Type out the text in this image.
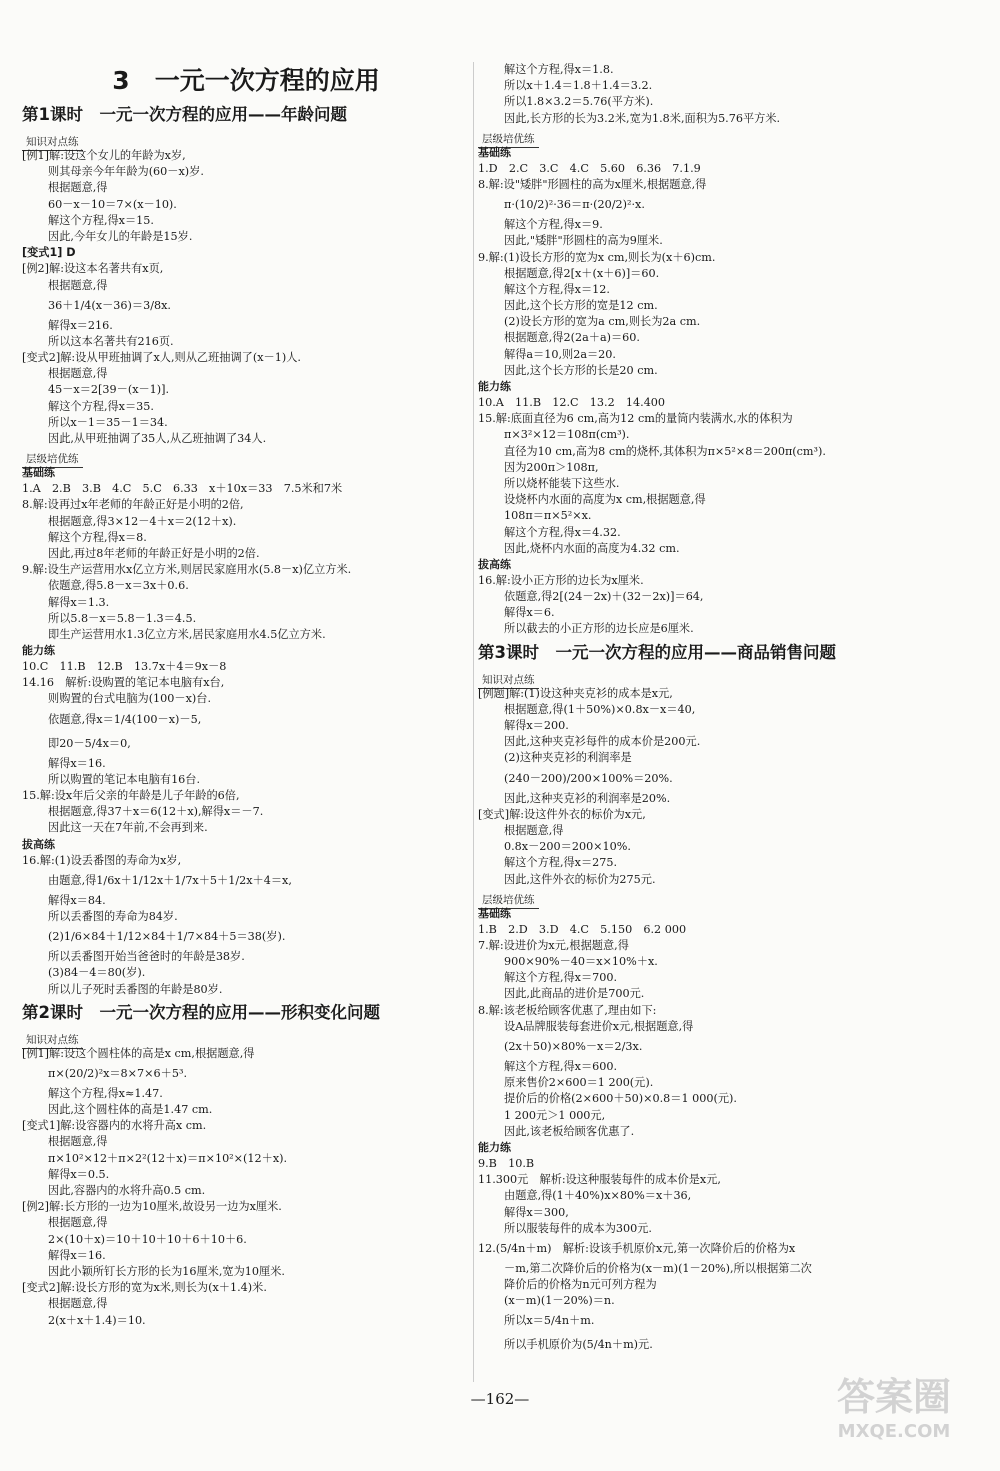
3　一元一次方程的应用
第1课时　一元一次方程的应用——年龄问题
知识对点练
[例1]解:设这个女儿的年龄为x岁,
则其母亲今年年龄为(60－x)岁.
根据题意,得
60－x－10＝7×(x－10).
解这个方程,得x＝15.
因此,今年女儿的年龄是15岁.
[变式1] D
[例2]解:设这本名著共有x页,
根据题意,得
36＋1/4(x－36)＝3/8x.
解得x＝216.
所以这本名著共有216页.
[变式2]解:设从甲班抽调了x人,则从乙班抽调了(x－1)人.
根据题意,得
45－x＝2[39－(x－1)].
解这个方程,得x＝35.
所以x－1＝35－1＝34.
因此,从甲班抽调了35人,从乙班抽调了34人.
层级培优练
基础练
1.A　2.B　3.B　4.C　5.C　6.33　x＋10x＝33　7.5米和7米
8.解:设再过x年老师的年龄正好是小明的2倍,
根据题意,得3×12－4＋x＝2(12＋x).
解这个方程,得x＝8.
因此,再过8年老师的年龄正好是小明的2倍.
9.解:设生产运营用水x亿立方米,则居民家庭用水(5.8－x)亿立方米.
依题意,得5.8－x＝3x＋0.6.
解得x＝1.3.
所以5.8－x＝5.8－1.3＝4.5.
即生产运营用水1.3亿立方米,居民家庭用水4.5亿立方米.
能力练
10.C　11.B　12.B　13.7x＋4＝9x－8
14.16　解析:设购置的笔记本电脑有x台,
则购置的台式电脑为(100－x)台.
依题意,得x＝1/4(100－x)－5,
即20－5/4x＝0,
解得x＝16.
所以购置的笔记本电脑有16台.
15.解:设x年后父亲的年龄是儿子年龄的6倍,
根据题意,得37＋x＝6(12＋x),解得x＝－7.
因此这一天在7年前,不会再到来.
拔高练
16.解:(1)设丢番图的寿命为x岁,
由题意,得1/6x＋1/12x＋1/7x＋5＋1/2x＋4＝x,
解得x＝84.
所以丢番图的寿命为84岁.
(2)1/6×84＋1/12×84＋1/7×84＋5＝38(岁).
所以丢番图开始当爸爸时的年龄是38岁.
(3)84－4＝80(岁).
所以儿子死时丢番图的年龄是80岁.
第2课时　一元一次方程的应用——形积变化问题
知识对点练
[例1]解:设这个圆柱体的高是x cm,根据题意,得
π×(20/2)²x＝8×7×6＋5³.
解这个方程,得x≈1.47.
因此,这个圆柱体的高是1.47 cm.
[变式1]解:设容器内的水将升高x cm.
根据题意,得
π×10²×12＋π×2²(12＋x)＝π×10²×(12＋x).
解得x＝0.5.
因此,容器内的水将升高0.5 cm.
[例2]解:长方形的一边为10厘米,故设另一边为x厘米.
根据题意,得
2×(10＋x)＝10＋10＋10＋6＋10＋6.
解得x＝16.
因此小颖所钉长方形的长为16厘米,宽为10厘米.
[变式2]解:设长方形的宽为x米,则长为(x＋1.4)米.
根据题意,得
2(x＋x＋1.4)＝10.
解这个方程,得x＝1.8.
所以x＋1.4＝1.8＋1.4＝3.2.
所以1.8×3.2＝5.76(平方米).
因此,长方形的长为3.2米,宽为1.8米,面积为5.76平方米.
层级培优练
基础练
1.D　2.C　3.C　4.C　5.60　6.36　7.1.9
8.解:设"矮胖"形圆柱的高为x厘米,根据题意,得
π·(10/2)²·36＝π·(20/2)²·x.
解这个方程,得x＝9.
因此,"矮胖"形圆柱的高为9厘米.
9.解:(1)设长方形的宽为x cm,则长为(x＋6)cm.
根据题意,得2[x＋(x＋6)]＝60.
解这个方程,得x＝12.
因此,这个长方形的宽是12 cm.
(2)设长方形的宽为a cm,则长为2a cm.
根据题意,得2(2a＋a)＝60.
解得a＝10,则2a＝20.
因此,这个长方形的长是20 cm.
能力练
10.A　11.B　12.C　13.2　14.400
15.解:底面直径为6 cm,高为12 cm的量筒内装满水,水的体积为
π×3²×12＝108π(cm³).
直径为10 cm,高为8 cm的烧杯,其体积为π×5²×8＝200π(cm³).
因为200π＞108π,
所以烧杯能装下这些水.
设烧杯内水面的高度为x cm,根据题意,得
108π＝π×5²×x.
解这个方程,得x＝4.32.
因此,烧杯内水面的高度为4.32 cm.
拔高练
16.解:设小正方形的边长为x厘米.
依题意,得2[(24－2x)＋(32－2x)]＝64,
解得x＝6.
所以截去的小正方形的边长应是6厘米.
第3课时　一元一次方程的应用——商品销售问题
知识对点练
[例题]解:(1)设这种夹克衫的成本是x元,
根据题意,得(1＋50%)×0.8x－x＝40,
解得x＝200.
因此,这种夹克衫每件的成本价是200元.
(2)这种夹克衫的利润率是
(240－200)/200×100%＝20%.
因此,这种夹克衫的利润率是20%.
[变式]解:设这件外衣的标价为x元,
根据题意,得
0.8x－200＝200×10%.
解这个方程,得x＝275.
因此,这件外衣的标价为275元.
层级培优练
基础练
1.B　2.D　3.D　4.C　5.150　6.2 000
7.解:设进价为x元,根据题意,得
900×90%－40＝x×10%＋x.
解这个方程,得x＝700.
因此,此商品的进价是700元.
8.解:该老板给顾客优惠了,理由如下:
设A品牌服装每套进价x元,根据题意,得
(2x＋50)×80%－x＝2/3x.
解这个方程,得x＝600.
原来售价2×600＝1 200(元).
提价后的价格(2×600＋50)×0.8＝1 000(元).
1 200元＞1 000元,
因此,该老板给顾客优惠了.
能力练
9.B　10.B
11.300元　解析:设这种服装每件的成本价是x元,
由题意,得(1＋40%)x×80%＝x＋36,
解得x＝300,
所以服装每件的成本为300元.
12.(5/4n＋m)　解析:设该手机原价x元,第一次降价后的价格为x
－m,第二次降价后的价格为(x－m)(1－20%),所以根据第二次
降价后的价格为n元可列方程为
(x－m)(1－20%)＝n.
所以x＝5/4n＋m.
所以手机原价为(5/4n＋m)元.
—162—	答案圈
MXQE.COM
